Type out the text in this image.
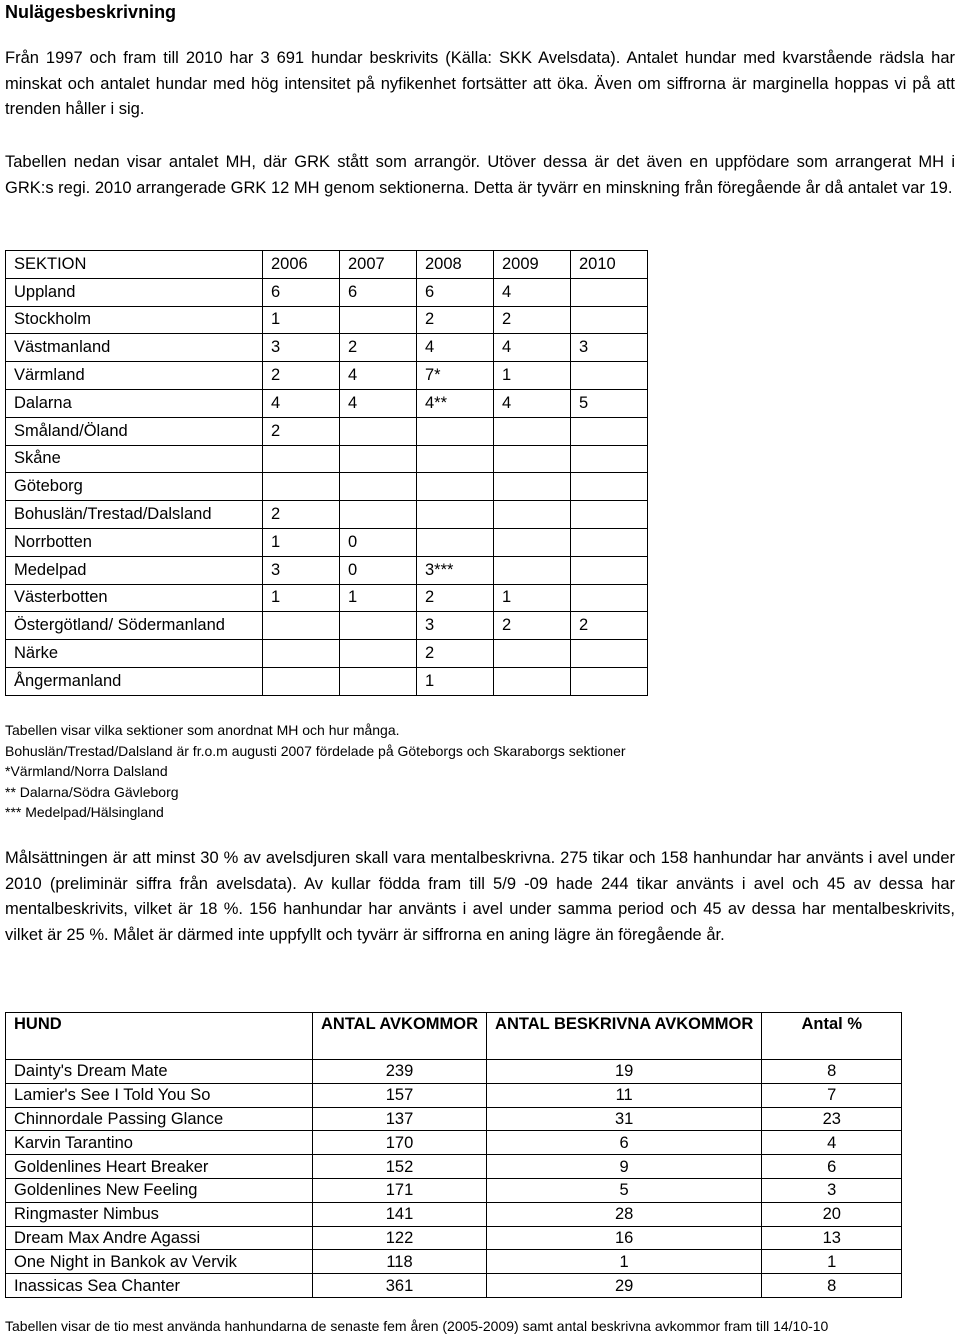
Nulägesbeskrivning

Från 1997 och fram till 2010 har 3 691 hundar beskrivits (Källa: SKK Avelsdata). Antalet hundar med kvarstående rädsla har minskat och antalet hundar med hög intensitet på nyfikenhet fortsätter att öka. Även om siffrorna är marginella hoppas vi på att trenden håller i sig.

Tabellen nedan visar antalet MH, där GRK stått som arrangör. Utöver dessa är det även en uppfödare som arrangerat MH i GRK:s regi. 2010 arrangerade GRK 12 MH genom sektionerna. Detta är tyvärr en minskning från föregående år då antalet var 19.

SEKTION	2006	2007	2008	2009	2010
Uppland	6	6	6	4	
Stockholm	1		2	2	
Västmanland	3	2	4	4	3
Värmland	2	4	7*	1	
Dalarna	4	4	4**	4	5
Småland/Öland	2				
Skåne					
Göteborg					
Bohuslän/Trestad/Dalsland	2				
Norrbotten	1	0			
Medelpad	3	0	3***		
Västerbotten	1	1	2	1	
Östergötland/ Södermanland			3	2	2
Närke			2		
Ångermanland			1		
Tabellen visar vilka sektioner som anordnat MH och hur många.
Bohuslän/Trestad/Dalsland är fr.o.m augusti 2007 fördelade på Göteborgs och Skaraborgs sektioner
*Värmland/Norra Dalsland
** Dalarna/Södra Gävleborg
*** Medelpad/Hälsingland

Målsättningen är att minst 30 % av avelsdjuren skall vara mentalbeskrivna. 275 tikar och 158 hanhundar har använts i avel under 2010 (preliminär siffra från avelsdata). Av kullar födda fram till 5/9 -09 hade 244 tikar använts i avel och 45 av dessa har mentalbeskrivits, vilket är 18 %. 156 hanhundar har använts i avel under samma period och 45 av dessa har mentalbeskrivits, vilket är 25 %. Målet är därmed inte uppfyllt och tyvärr är siffrorna en aning lägre än föregående år.

HUND	ANTAL AVKOMMOR	ANTAL BESKRIVNA AVKOMMOR	Antal %
Dainty's Dream Mate	239	19	8
Lamier's See I Told You So	157	11	7
Chinnordale Passing Glance	137	31	23
Karvin Tarantino	170	6	4
Goldenlines Heart Breaker	152	9	6
Goldenlines New Feeling	171	5	3
Ringmaster Nimbus	141	28	20
Dream Max Andre Agassi	122	16	13
One Night in Bankok av Vervik	118	1	1
Inassicas Sea Chanter	361	29	8
Tabellen visar de tio mest använda hanhundarna de senaste fem åren (2005-2009) samt antal beskrivna avkommor fram till 14/10-10
